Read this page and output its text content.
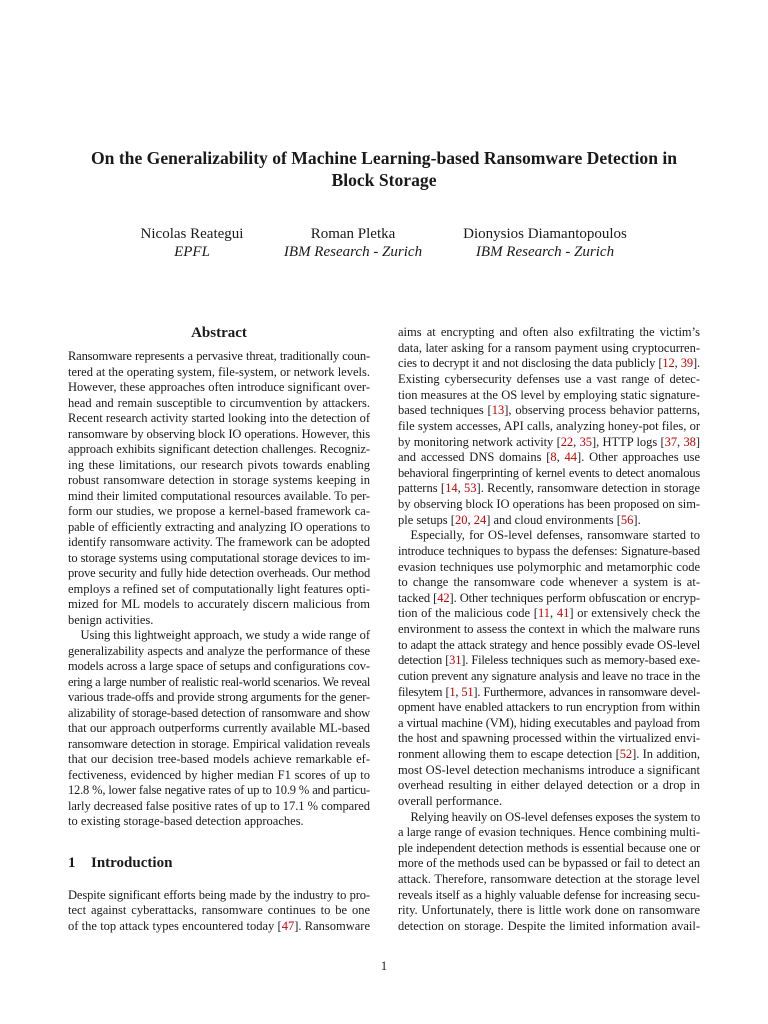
On the Generalizability of Machine Learning-based Ransomware Detection in
Block Storage
Nicolas Reategui
EPFL
Roman Pletka
IBM Research - Zurich
Dionysios Diamantopoulos
IBM Research - Zurich
Abstract
Ransomware represents a pervasive threat, traditionally coun-
tered at the operating system, file-system, or network levels.
However, these approaches often introduce significant over-
head and remain susceptible to circumvention by attackers.
Recent research activity started looking into the detection of
ransomware by observing block IO operations. However, this
approach exhibits significant detection challenges. Recogniz-
ing these limitations, our research pivots towards enabling
robust ransomware detection in storage systems keeping in
mind their limited computational resources available. To per-
form our studies, we propose a kernel-based framework ca-
pable of efficiently extracting and analyzing IO operations to
identify ransomware activity. The framework can be adopted
to storage systems using computational storage devices to im-
prove security and fully hide detection overheads. Our method
employs a refined set of computationally light features opti-
mized for ML models to accurately discern malicious from
benign activities.
Using this lightweight approach, we study a wide range of
generalizability aspects and analyze the performance of these
models across a large space of setups and configurations cov-
ering a large number of realistic real-world scenarios. We reveal
various trade-offs and provide strong arguments for the gener-
alizability of storage-based detection of ransomware and show
that our approach outperforms currently available ML-based
ransomware detection in storage. Empirical validation reveals
that our decision tree-based models achieve remarkable ef-
fectiveness, evidenced by higher median F1 scores of up to
12.8 %, lower false negative rates of up to 10.9 % and particu-
larly decreased false positive rates of up to 17.1 % compared
to existing storage-based detection approaches.
1 Introduction
Despite significant efforts being made by the industry to pro-
tect against cyberattacks, ransomware continues to be one
of the top attack types encountered today [47]. Ransomware
aims at encrypting and often also exfiltrating the victim’s
data, later asking for a ransom payment using cryptocurren-
cies to decrypt it and not disclosing the data publicly [12, 39].
Existing cybersecurity defenses use a vast range of detec-
tion measures at the OS level by employing static signature-
based techniques [13], observing process behavior patterns,
file system accesses, API calls, analyzing honey-pot files, or
by monitoring network activity [22, 35], HTTP logs [37, 38]
and accessed DNS domains [8, 44]. Other approaches use
behavioral fingerprinting of kernel events to detect anomalous
patterns [14, 53]. Recently, ransomware detection in storage
by observing block IO operations has been proposed on sim-
ple setups [20, 24] and cloud environments [56].
Especially, for OS-level defenses, ransomware started to
introduce techniques to bypass the defenses: Signature-based
evasion techniques use polymorphic and metamorphic code
to change the ransomware code whenever a system is at-
tacked [42]. Other techniques perform obfuscation or encryp-
tion of the malicious code [11, 41] or extensively check the
environment to assess the context in which the malware runs
to adapt the attack strategy and hence possibly evade OS-level
detection [31]. Fileless techniques such as memory-based exe-
cution prevent any signature analysis and leave no trace in the
filesytem [1, 51]. Furthermore, advances in ransomware devel-
opment have enabled attackers to run encryption from within
a virtual machine (VM), hiding executables and payload from
the host and spawning processed within the virtualized envi-
ronment allowing them to escape detection [52]. In addition,
most OS-level detection mechanisms introduce a significant
overhead resulting in either delayed detection or a drop in
overall performance.
Relying heavily on OS-level defenses exposes the system to
a large range of evasion techniques. Hence combining multi-
ple independent detection methods is essential because one or
more of the methods used can be bypassed or fail to detect an
attack. Therefore, ransomware detection at the storage level
reveals itself as a highly valuable defense for increasing secu-
rity. Unfortunately, there is little work done on ransomware
detection on storage. Despite the limited information avail-
1
